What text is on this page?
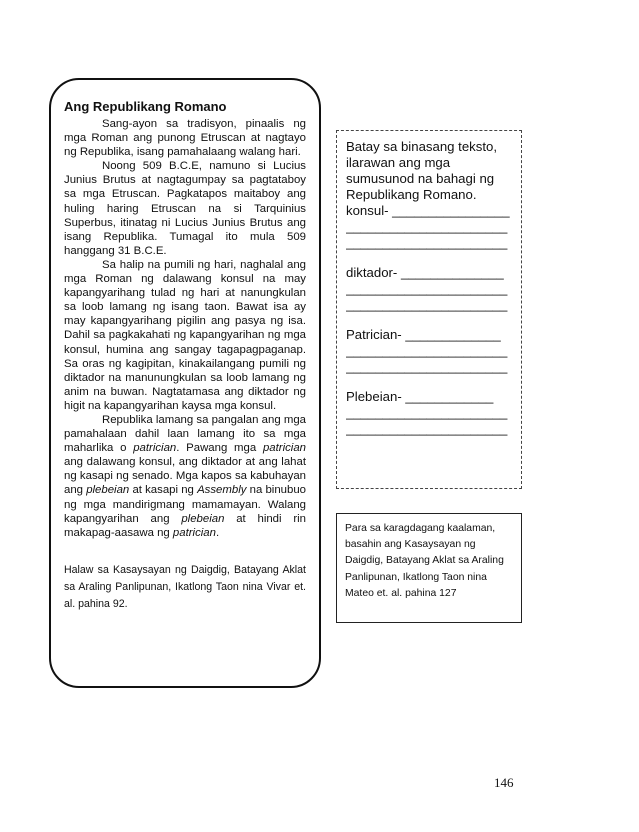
Ang Republikang Romano

Sang-ayon sa tradisyon, pinaalis ng mga Roman ang punong Etruscan at nagtayo ng Republika, isang pamahalaang walang hari.

Noong 509 B.C.E, namuno si Lucius Junius Brutus at nagtagumpay sa pagtataboy sa mga Etruscan. Pagkatapos maitaboy ang huling haring Etruscan na si Tarquinius Superbus, itinatag ni Lucius Junius Brutus ang isang Republika. Tumagal ito mula 509 hanggang 31 B.C.E.

Sa halip na pumili ng hari, naghalal ang mga Roman ng dalawang konsul na may kapangyarihang tulad ng hari at nanungkulan sa loob lamang ng isang taon. Bawat isa ay may kapangyarihang pigilin ang pasya ng isa. Dahil sa pagkakahati ng kapangyarihan ng mga konsul, humina ang sangay tagapagpaganap. Sa oras ng kagipitan, kinakailangang pumili ng diktador na manunungkulan sa loob lamang ng anim na buwan. Nagtatamasa ang diktador ng higit na kapangyarihan kaysa mga konsul.

Republika lamang sa pangalan ang mga pamahalaan dahil laan lamang ito sa mga maharlika o patrician. Pawang mga patrician ang dalawang konsul, ang diktador at ang lahat ng kasapi ng senado. Mga kapos sa kabuhayan ang plebeian at kasapi ng Assembly na binubuo ng mga mandirigmang mamamayan. Walang kapangyarihan ang plebeian at hindi rin makapag-aasawa ng patrician.

Halaw sa Kasaysayan ng Daigdig, Batayang Aklat sa Araling Panlipunan, Ikatlong Taon nina Vivar et. al. pahina 92.

Batay sa binasang teksto, ilarawan ang mga sumusunod na bahagi ng Republikang Romano.

konsul- ________________
______________________
______________________
diktador- ______________
______________________
______________________
Patrician- _____________
______________________
______________________
Plebeian- ____________
______________________
______________________
Para sa karagdagang kaalaman, basahin ang Kasaysayan ng Daigdig, Batayang Aklat sa Araling Panlipunan, Ikatlong Taon nina Mateo et. al. pahina 127
146
